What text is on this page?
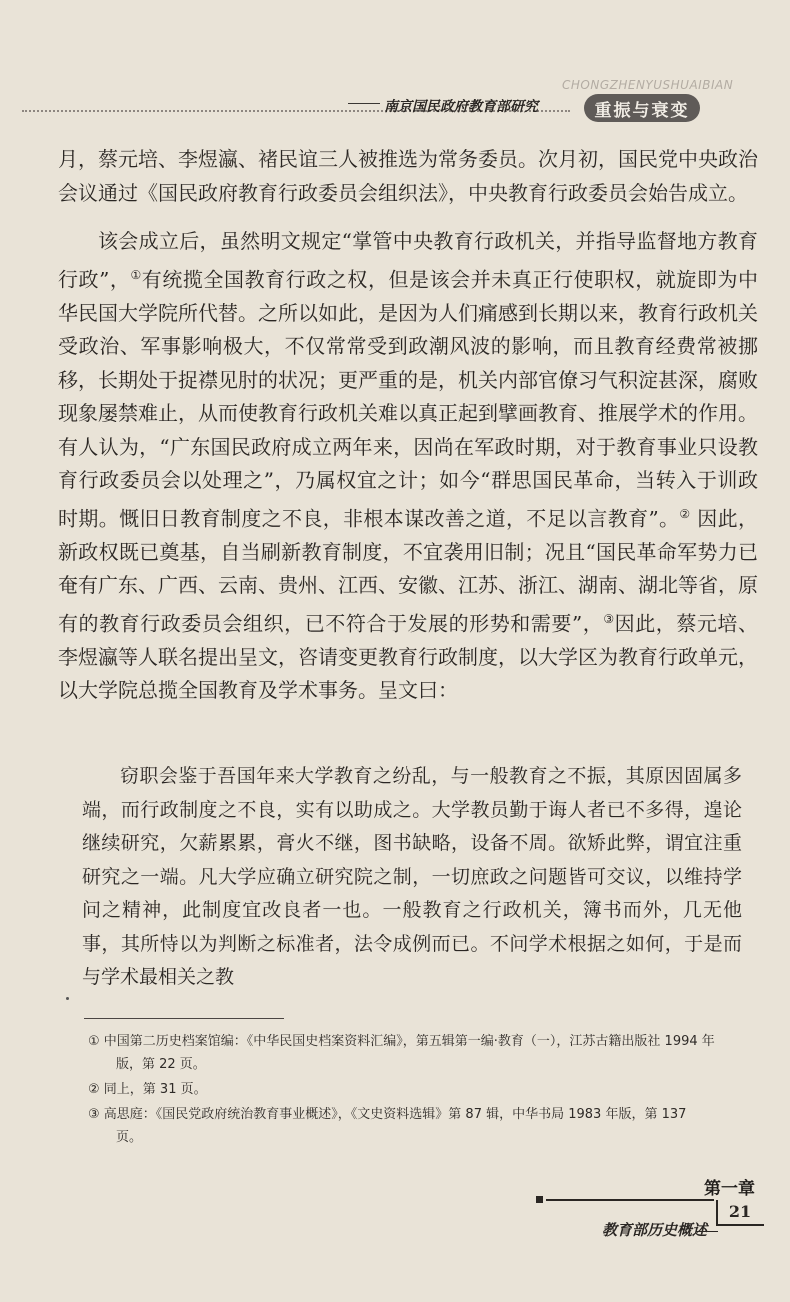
CHONGZHENYUSHUAIBIAN
南京国民政府教育部研究	重振与衰变

月，蔡元培、李煜瀛、褚民谊三人被推选为常务委员。次月初，国民党中央政治会议通过《国民政府教育行政委员会组织法》，中央教育行政委员会始告成立。

该会成立后，虽然明文规定“掌管中央教育行政机关，并指导监督地方教育行政”，①有统揽全国教育行政之权，但是该会并未真正行使职权，就旋即为中华民国大学院所代替。之所以如此，是因为人们痛感到长期以来，教育行政机关受政治、军事影响极大，不仅常常受到政潮风波的影响，而且教育经费常被挪移，长期处于捉襟见肘的状况；更严重的是，机关内部官僚习气积淀甚深，腐败现象屡禁难止，从而使教育行政机关难以真正起到擘画教育、推展学术的作用。有人认为，“广东国民政府成立两年来，因尚在军政时期，对于教育事业只设教育行政委员会以处理之”，乃属权宜之计；如今“群思国民革命，当转入于训政时期。慨旧日教育制度之不良，非根本谋改善之道，不足以言教育”。② 因此，新政权既已奠基，自当刷新教育制度，不宜袭用旧制；况且“国民革命军势力已奄有广东、广西、云南、贵州、江西、安徽、江苏、浙江、湖南、湖北等省，原有的教育行政委员会组织，已不符合于发展的形势和需要”，③因此，蔡元培、李煜瀛等人联名提出呈文，咨请变更教育行政制度，以大学区为教育行政单元，以大学院总揽全国教育及学术事务。呈文曰：

窃职会鉴于吾国年来大学教育之纷乱，与一般教育之不振，其原因固属多端，而行政制度之不良，实有以助成之。大学教员勤于诲人者已不多得，遑论继续研究，欠薪累累，膏火不继，图书缺略，设备不周。欲矫此弊，谓宜注重研究之一端。凡大学应确立研究院之制，一切庶政之问题皆可交议，以维持学问之精神，此制度宜改良者一也。一般教育之行政机关，簿书而外，几无他事，其所恃以为判断之标准者，法令成例而已。不问学术根据之如何，于是而与学术最相关之教
① 中国第二历史档案馆编：《中华民国史档案资料汇编》，第五辑第一编·教育（一），江苏古籍出版社 1994 年版，第 22 页。
② 同上，第 31 页。
③ 高思庭：《国民党政府统治教育事业概述》，《文史资料选辑》第 87 辑，中华书局 1983 年版，第 137 页。
第一章
21
教育部历史概述
